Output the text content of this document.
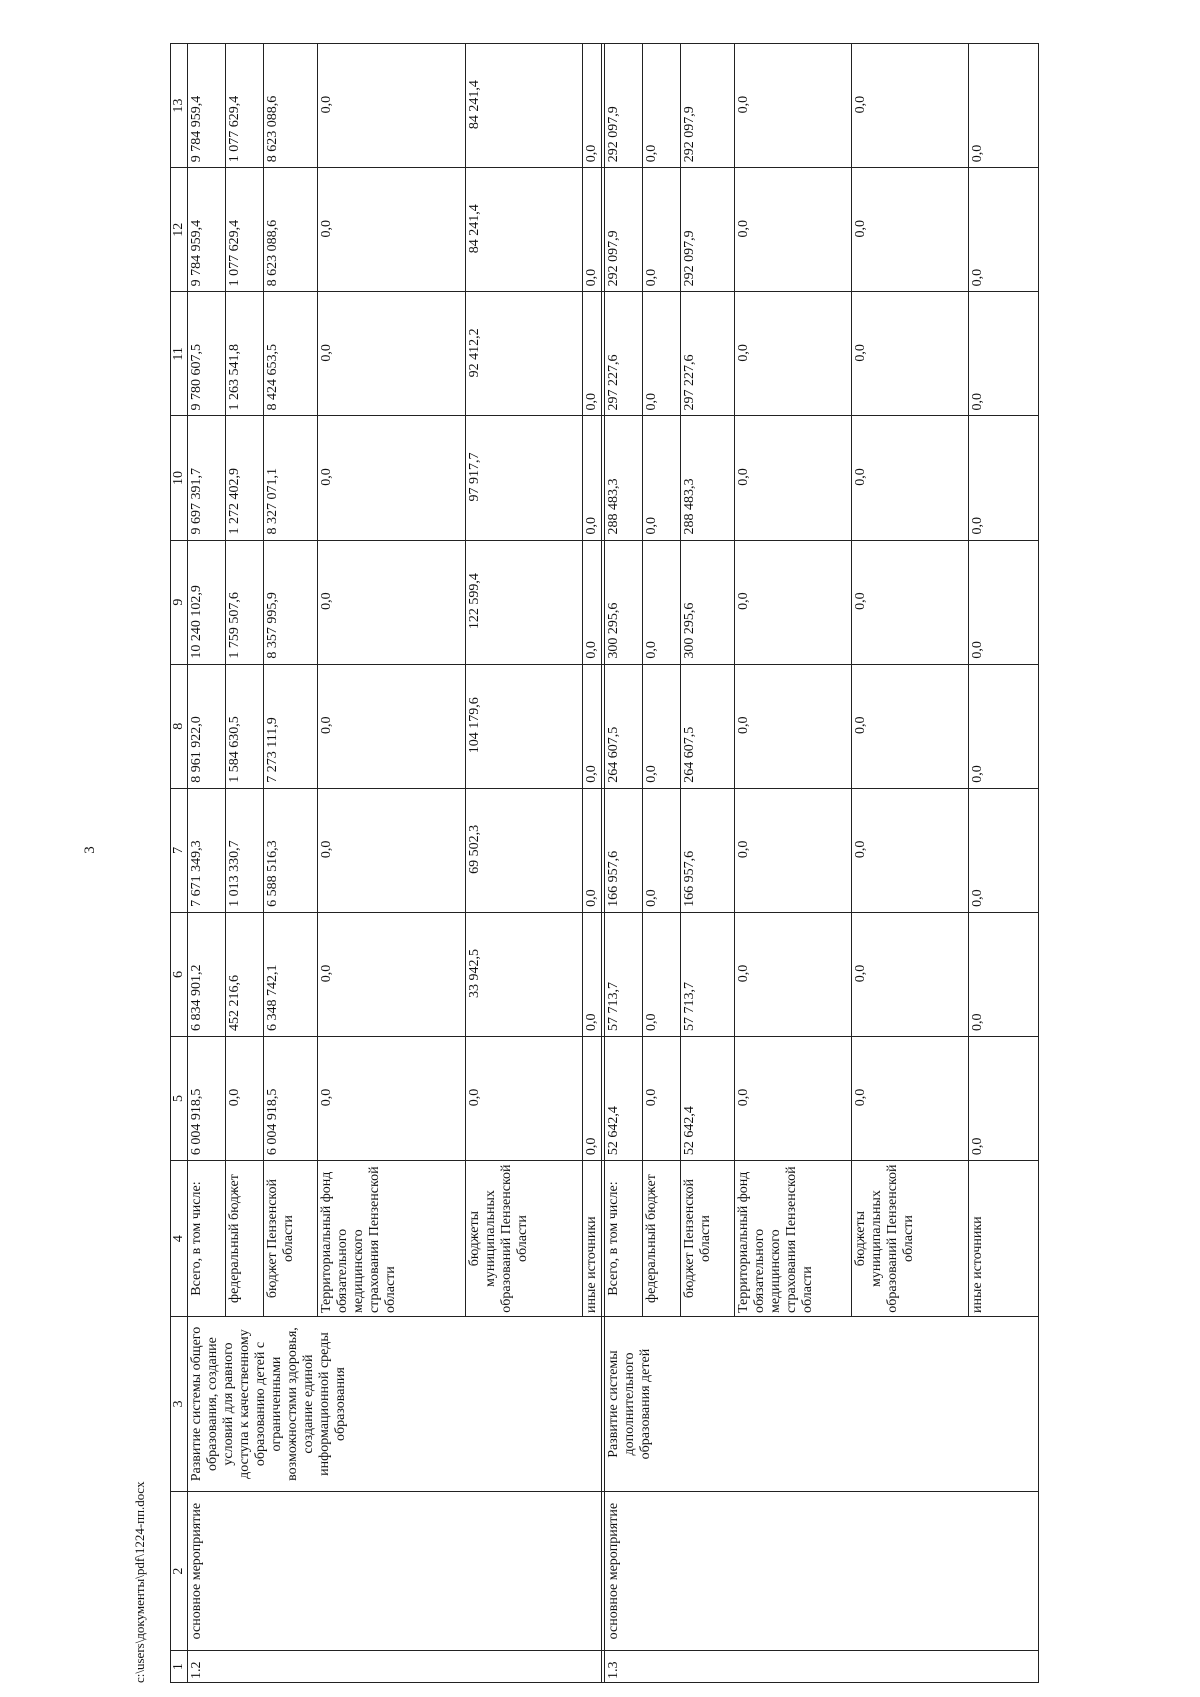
3
c:\users\документы\pdf\1224-пп.docx 1	2	3	4	5	6	7	8	9	10	11	12	13
1.2	основное мероприятие	Развитие системы общего образования, создание условий для равного доступа к качественному образованию детей с ограниченными возможностями здоровья, создание единой информационной среды образования	Всего, в том числе:	6 004 918,5	6 834 901,2	7 671 349,3	8 961 922,0	10 240 102,9	9 697 391,7	9 780 607,5	9 784 959,4	9 784 959,4
			федеральный бюджет	0,0	452 216,6	1 013 330,7	1 584 630,5	1 759 507,6	1 272 402,9	1 263 541,8	1 077 629,4	1 077 629,4
			бюджет Пензенской области	6 004 918,5	6 348 742,1	6 588 516,3	7 273 111,9	8 357 995,9	8 327 071,1	8 424 653,5	8 623 088,6	8 623 088,6
			Территориальный фонд обязательного медицинского страхования Пензенской области	0,0	0,0	0,0	0,0	0,0	0,0	0,0	0,0	0,0
			бюджеты муниципальных образований Пензенской области	0,0	33 942,5	69 502,3	104 179,6	122 599,4	97 917,7	92 412,2	84 241,4	84 241,4
			иные источники	0,0	0,0	0,0	0,0	0,0	0,0	0,0	0,0	0,0

1.3	основное мероприятие	Развитие системы дополнительного образования детей	Всего, в том числе:	52 642,4	57 713,7	166 957,6	264 607,5	300 295,6	288 483,3	297 227,6	292 097,9	292 097,9
			федеральный бюджет	0,0	0,0	0,0	0,0	0,0	0,0	0,0	0,0	0,0
			бюджет Пензенской области	52 642,4	57 713,7	166 957,6	264 607,5	300 295,6	288 483,3	297 227,6	292 097,9	292 097,9
			Территориальный фонд обязательного медицинского страхования Пензенской области	0,0	0,0	0,0	0,0	0,0	0,0	0,0	0,0	0,0
			бюджеты муниципальных образований Пензенской области	0,0	0,0	0,0	0,0	0,0	0,0	0,0	0,0	0,0
			иные источники	0,0	0,0	0,0	0,0	0,0	0,0	0,0	0,0	0,0
